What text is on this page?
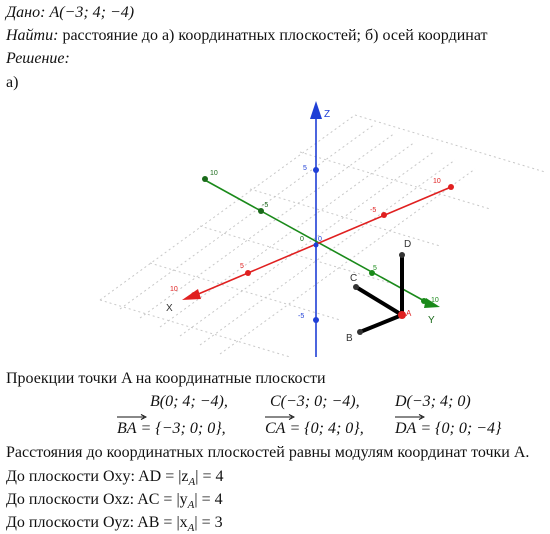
Дано: A(−3; 4; −4)
Найти: расстояние до а) координатных плоскостей; б) осей координат
Решение:
а)
Z
5
-5
10
-5
5
10
Y
10
-5
5
10
X
0
0	D
C
B
A
Проекции точки A на координатные плоскости
B(0; 4; −4),	C(−3; 0; −4), D(−3; 4; 0)
BA = {−3; 0; 0}, CA = {0; 4; 0}, DA = {0; 0; −4}
Расстояния до координатных плоскостей равны модулям координат точки A.
До плоскости Oxy: AD = $|z_A| = 4$
До плоскости Oxz: AC = $|y_A| = 4$
До плоскости Oyz: AB = $|x_A| = 3$
